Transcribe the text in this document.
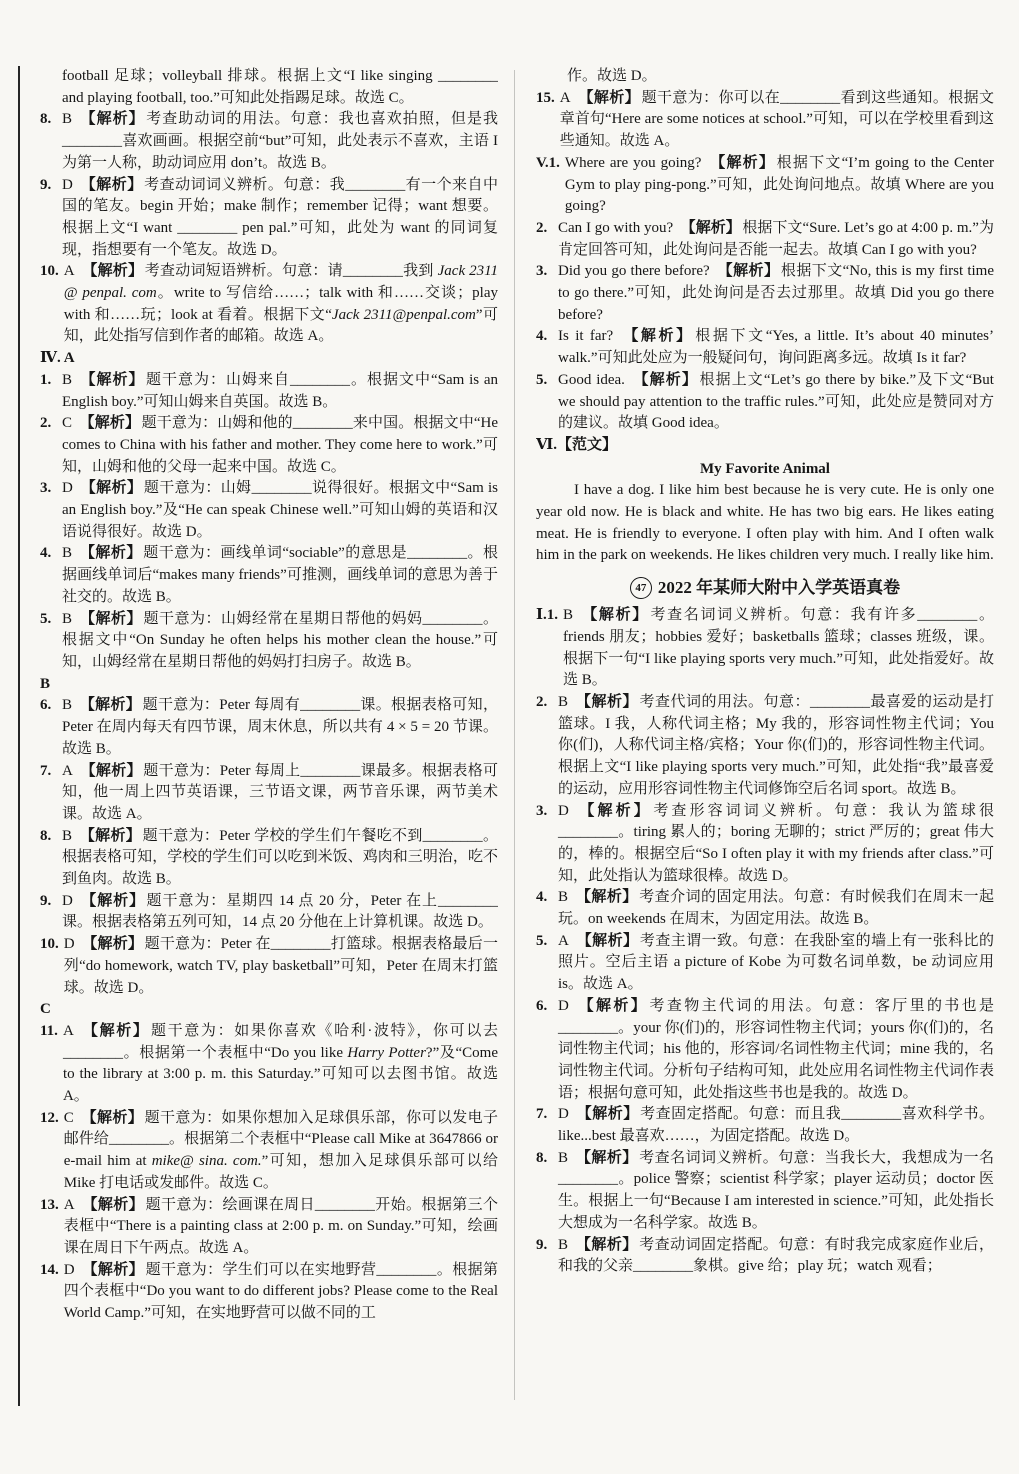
football 足球；volleyball 排球。根据上文“I like singing ________ and playing football, too.”可知此处指踢足球。故选 C。
8. B 【解析】 考查助动词的用法。句意：我也喜欢拍照，但是我________喜欢画画。根据空前“but”可知，此处表示不喜欢，主语 I 为第一人称，助动词应用 don’t。故选 B。
9. D 【解析】 考查动词词义辨析。句意：我________有一个来自中国的笔友。begin 开始；make 制作；remember 记得；want 想要。根据上文“I want ________ pen pal.”可知，此处为 want 的同词复现，指想要有一个笔友。故选 D。
10. A 【解析】 考查动词短语辨析。句意：请________我到 Jack 2311 @ penpal. com。write to 写信给……；talk with 和……交谈；play with 和……玩；look at 看着。根据下文“Jack 2311@penpal.com”可知，此处指写信到作者的邮箱。故选 A。
Ⅳ. A
1. B 【解析】 题干意为：山姆来自________。根据文中“Sam is an English boy.”可知山姆来自英国。故选 B。
2. C 【解析】 题干意为：山姆和他的________来中国。根据文中“He comes to China with his father and mother. They come here to work.”可知，山姆和他的父母一起来中国。故选 C。
3. D 【解析】 题干意为：山姆________说得很好。根据文中“Sam is an English boy.”及“He can speak Chinese well.”可知山姆的英语和汉语说得很好。故选 D。
4. B 【解析】 题干意为：画线单词“sociable”的意思是________。根据画线单词后“makes many friends”可推测，画线单词的意思为善于社交的。故选 B。
5. B 【解析】 题干意为：山姆经常在星期日帮他的妈妈________。根据文中“On Sunday he often helps his mother clean the house.”可知，山姆经常在星期日帮他的妈妈打扫房子。故选 B。
B
6. B 【解析】 题干意为：Peter 每周有________课。根据表格可知，Peter 在周内每天有四节课，周末休息，所以共有 4 × 5 = 20 节课。故选 B。
7. A 【解析】 题干意为：Peter 每周上________课最多。根据表格可知，他一周上四节英语课，三节语文课，两节音乐课，两节美术课。故选 A。
8. B 【解析】 题干意为：Peter 学校的学生们午餐吃不到________。根据表格可知，学校的学生们可以吃到米饭、鸡肉和三明治，吃不到鱼肉。故选 B。
9. D 【解析】 题干意为：星期四 14 点 20 分，Peter 在上________课。根据表格第五列可知，14 点 20 分他在上计算机课。故选 D。
10. D 【解析】 题干意为：Peter 在________打篮球。根据表格最后一列“do homework, watch TV, play basketball”可知，Peter 在周末打篮球。故选 D。
C
11. A 【解析】 题干意为：如果你喜欢《哈利·波特》，你可以去________。根据第一个表框中“Do you like Harry Potter?”及“Come to the library at 3:00 p. m. this Saturday.”可知可以去图书馆。故选 A。
12. C 【解析】 题干意为：如果你想加入足球俱乐部，你可以发电子邮件给________。根据第二个表框中“Please call Mike at 3647866 or e-mail him at mike@ sina. com.”可知，想加入足球俱乐部可以给 Mike 打电话或发邮件。故选 C。
13. A 【解析】 题干意为：绘画课在周日________开始。根据第三个表框中“There is a painting class at 2:00 p. m. on Sunday.”可知，绘画课在周日下午两点。故选 A。
14. D 【解析】 题干意为：学生们可以在实地野营________。根据第四个表框中“Do you want to do different jobs? Please come to the Real World Camp.”可知，在实地野营可以做不同的工
作。故选 D。
15. A 【解析】 题干意为：你可以在________看到这些通知。根据文章首句“Here are some notices at school.”可知，可以在学校里看到这些通知。故选 A。
V.1. Where are you going? 【解析】 根据下文“I’m going to the Center Gym to play ping-pong.”可知，此处询问地点。故填 Where are you going?
2. Can I go with you? 【解析】 根据下文“Sure. Let’s go at 4:00 p. m.”为肯定回答可知，此处询问是否能一起去。故填 Can I go with you?
3. Did you go there before? 【解析】 根据下文“No, this is my first time to go there.”可知，此处询问是否去过那里。故填 Did you go there before?
4. Is it far? 【解析】 根据下文“Yes, a little. It’s about 40 minutes’ walk.”可知此处应为一般疑问句，询问距离多远。故填 Is it far?
5. Good idea. 【解析】 根据上文“Let’s go there by bike.”及下文“But we should pay attention to the traffic rules.”可知，此处应是赞同对方的建议。故填 Good idea。
Ⅵ.【范文】
My Favorite Animal

I have a dog. I like him best because he is very cute. He is only one year old now. He is black and white. He has two big ears. He likes eating meat. He is friendly to everyone. I often play with him. And I often walk him in the park on weekends. He likes children very much. I really like him.

47 2022 年某师大附中入学英语真卷
Ⅰ.1. B 【解析】 考查名词词义辨析。句意：我有许多________。friends 朋友；hobbies 爱好；basketballs 篮球；classes 班级，课。根据下一句“I like playing sports very much.”可知，此处指爱好。故选 B。
2. B 【解析】 考查代词的用法。句意：________最喜爱的运动是打篮球。I 我，人称代词主格；My 我的，形容词性物主代词；You 你(们)，人称代词主格/宾格；Your 你(们)的，形容词性物主代词。根据上文“I like playing sports very much.”可知，此处指“我”最喜爱的运动，应用形容词性物主代词修饰空后名词 sport。故选 B。
3. D 【解析】 考查形容词词义辨析。句意：我认为篮球很________。tiring 累人的；boring 无聊的；strict 严厉的；great 伟大的，棒的。根据空后“So I often play it with my friends after class.”可知，此处指认为篮球很棒。故选 D。
4. B 【解析】 考查介词的固定用法。句意：有时候我们在周末一起玩。on weekends 在周末，为固定用法。故选 B。
5. A 【解析】 考查主谓一致。句意：在我卧室的墙上有一张科比的照片。空后主语 a picture of Kobe 为可数名词单数，be 动词应用 is。故选 A。
6. D 【解析】 考查物主代词的用法。句意：客厅里的书也是________。your 你(们)的，形容词性物主代词；yours 你(们)的，名词性物主代词；his 他的，形容词/名词性物主代词；mine 我的，名词性物主代词。分析句子结构可知，此处应用名词性物主代词作表语；根据句意可知，此处指这些书也是我的。故选 D。
7. D 【解析】 考查固定搭配。句意：而且我________喜欢科学书。like...best 最喜欢……，为固定搭配。故选 D。
8. B 【解析】 考查名词词义辨析。句意：当我长大，我想成为一名________。police 警察；scientist 科学家；player 运动员；doctor 医生。根据上一句“Because I am interested in science.”可知，此处指长大想成为一名科学家。故选 B。
9. B 【解析】 考查动词固定搭配。句意：有时我完成家庭作业后，和我的父亲________象棋。give 给；play 玩；watch 观看；
